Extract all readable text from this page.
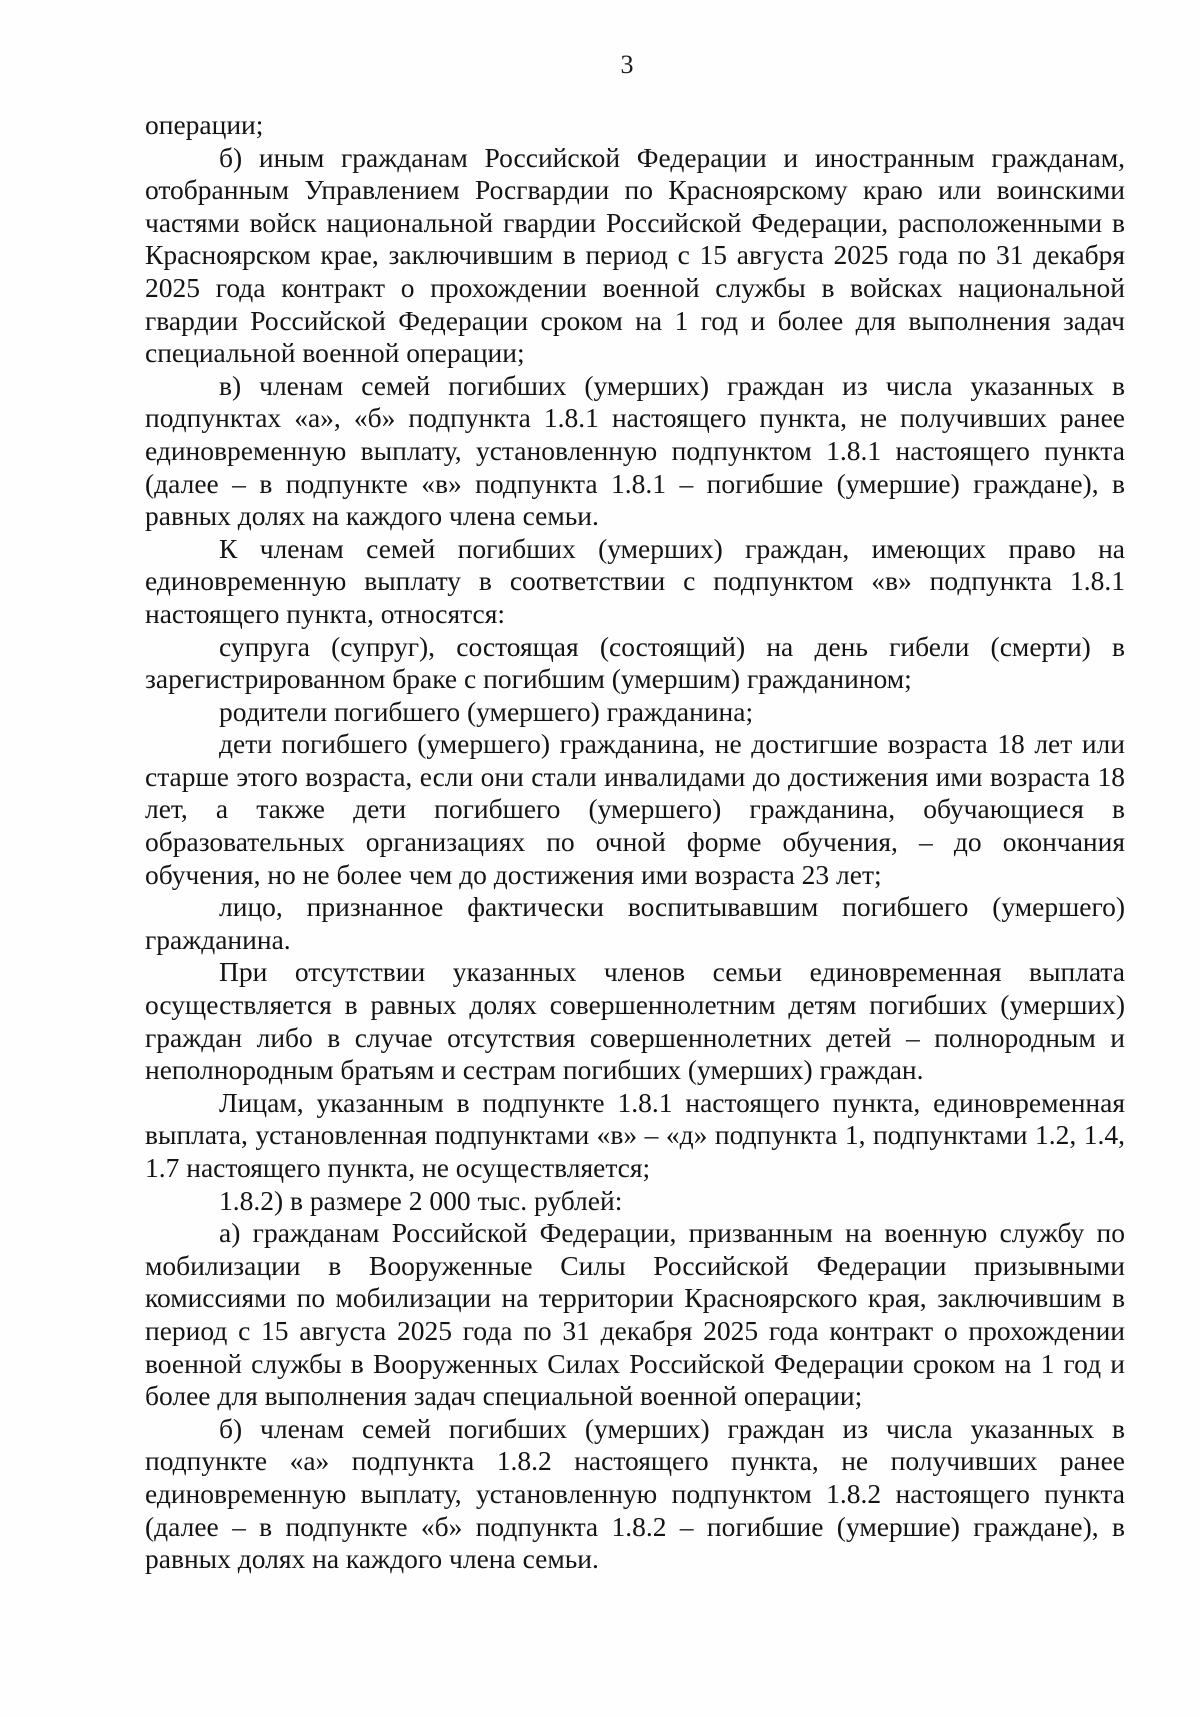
3

операции;

б) иным гражданам Российской Федерации и иностранным гражданам, отобранным Управлением Росгвардии по Красноярскому краю или воинскими частями войск национальной гвардии Российской Федерации, расположенными в Красноярском крае, заключившим в период с 15 августа 2025 года по 31 декабря 2025 года контракт о прохождении военной службы в войсках национальной гвардии Российской Федерации сроком на 1 год и более для выполнения задач специальной военной операции;

в) членам семей погибших (умерших) граждан из числа указанных в подпунктах «а», «б» подпункта 1.8.1 настоящего пункта, не получивших ранее единовременную выплату, установленную подпунктом 1.8.1 настоящего пункта (далее – в подпункте «в» подпункта 1.8.1 – погибшие (умершие) граждане), в равных долях на каждого члена семьи.

К членам семей погибших (умерших) граждан, имеющих право на единовременную выплату в соответствии с подпунктом «в» подпункта 1.8.1 настоящего пункта, относятся:

супруга (супруг), состоящая (состоящий) на день гибели (смерти) в зарегистрированном браке с погибшим (умершим) гражданином;

родители погибшего (умершего) гражданина;

дети погибшего (умершего) гражданина, не достигшие возраста 18 лет или старше этого возраста, если они стали инвалидами до достижения ими возраста 18 лет, а также дети погибшего (умершего) гражданина, обучающиеся в образовательных организациях по очной форме обучения, – до окончания обучения, но не более чем до достижения ими возраста 23 лет;

лицо, признанное фактически воспитывавшим погибшего (умершего) гражданина.

При отсутствии указанных членов семьи единовременная выплата осуществляется в равных долях совершеннолетним детям погибших (умерших) граждан либо в случае отсутствия совершеннолетних детей – полнородным и неполнородным братьям и сестрам погибших (умерших) граждан.

Лицам, указанным в подпункте 1.8.1 настоящего пункта, единовременная выплата, установленная подпунктами «в» – «д» подпункта 1, подпунктами 1.2, 1.4, 1.7 настоящего пункта, не осуществляется;

1.8.2) в размере 2 000 тыс. рублей:

а) гражданам Российской Федерации, призванным на военную службу по мобилизации в Вооруженные Силы Российской Федерации призывными комиссиями по мобилизации на территории Красноярского края, заключившим в период с 15 августа 2025 года по 31 декабря 2025 года контракт о прохождении военной службы в Вооруженных Силах Российской Федерации сроком на 1 год и более для выполнения задач специальной военной операции;

б) членам семей погибших (умерших) граждан из числа указанных в подпункте «а» подпункта 1.8.2 настоящего пункта, не получивших ранее единовременную выплату, установленную подпунктом 1.8.2 настоящего пункта (далее – в подпункте «б» подпункта 1.8.2 – погибшие (умершие) граждане), в равных долях на каждого члена семьи.
